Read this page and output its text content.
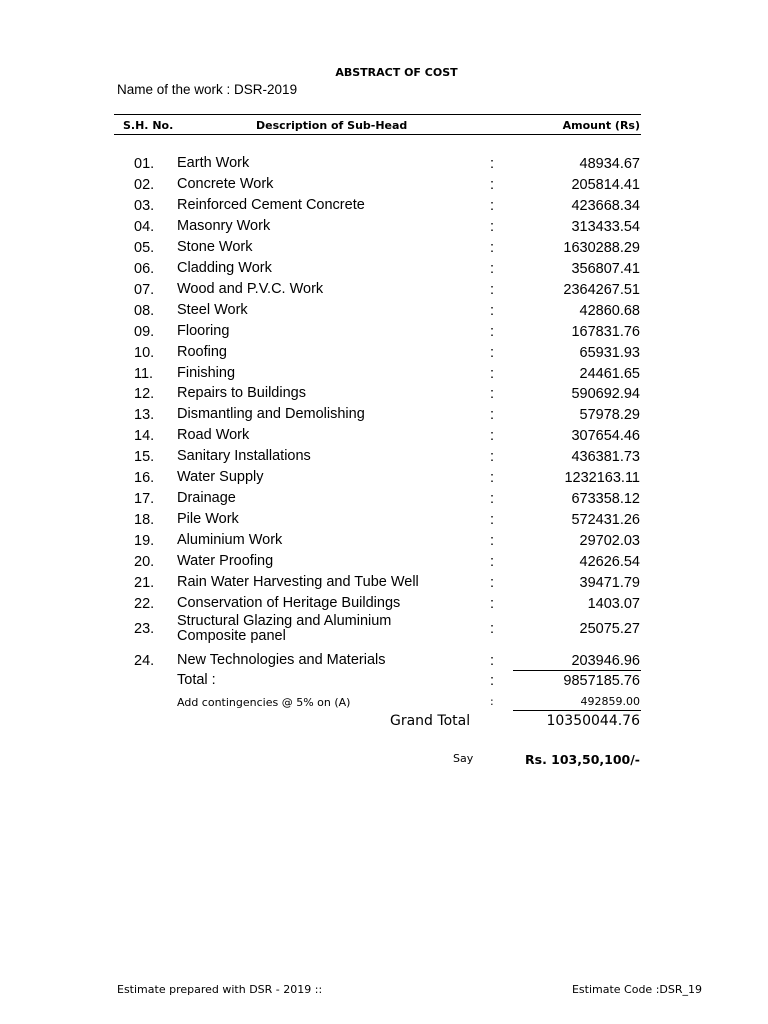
ABSTRACT OF COST
Name of the work : DSR-2019
S.H. No.	Description of Sub-Head	Amount (Rs)
01. Earth Work	:	48934.67
02. Concrete Work	:	205814.41
03. Reinforced Cement Concrete	:	423668.34
04. Masonry Work	:	313433.54
05. Stone Work	:	1630288.29
06. Cladding Work	:	356807.41
07. Wood and P.V.C. Work	:	2364267.51
08. Steel Work	:	42860.68
09. Flooring	:	167831.76
10. Roofing	:	65931.93
11. Finishing	:	24461.65
12. Repairs to Buildings	:	590692.94
13. Dismantling and Demolishing	:	57978.29
14. Road Work	:	307654.46
15. Sanitary Installations	:	436381.73
16. Water Supply	:	1232163.11
17. Drainage	:	673358.12
18. Pile Work	:	572431.26
19. Aluminium Work	:	29702.03
20. Water Proofing	:	42626.54
21. Rain Water Harvesting and Tube Well	:	39471.79
22. Conservation of Heritage Buildings	:	1403.07
23. Structural Glazing and Aluminium
Composite panel	:	25075.27
24. New Technologies and Materials	:	203946.96
Total :	:	9857185.76
Add contingencies @ 5% on (A)	:	492859.00
Grand Total	10350044.76
Say	Rs. 103,50,100/-
Estimate prepared with DSR - 2019 ::	Estimate Code :DSR_19
